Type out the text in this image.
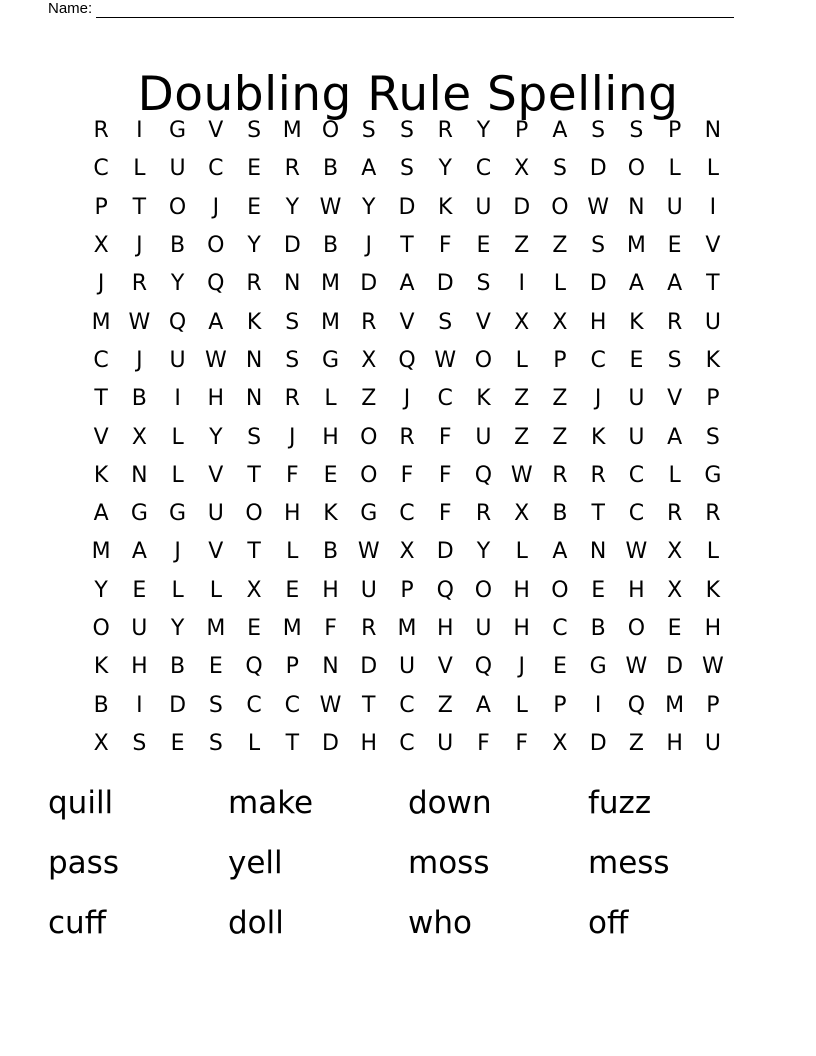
Name:
Doubling Rule Spelling
R	I	G	V	S M O	S	S	R	Y	P	A	S	S	P	N
C	L	U	C	E	R	B	A	S	Y	C	X	S	D O	L	L
P	T	O	J	E	Y W Y	D	K	U D O W N U	I
X	J	B	O	Y	D	B	J	T	F	E	Z	Z	S M E	V
J	R	Y	Q R	N M D	A	D	S	I	L	D	A	A	T
M W Q	A	K	S M R	V	S	V	X	X	H	K	R	U
C	J	U W N	S	G	X	Q W O	L	P	C	E	S	K
T	B	I	H N	R	L	Z	J	C	K	Z	Z	J	U	V	P
V	X	L	Y	S	J	H O R	F	U	Z	Z	K	U	A	S
K	N	L	V	T	F	E	O	F	F	Q W R	R	C	L	G
A	G G U O H	K	G	C	F	R	X	B	T	C	R	R
M A	J	V	T	L	B W X	D	Y	L	A	N W X	L
Y	E	L	L	X	E	H U	P	Q O H O	E	H	X	K
O U	Y	M E M	F	R M H U H	C	B	O	E	H
K	H	B	E	Q	P	N D U	V	Q	J	E	G W D W
B	I	D	S	C	C W T	C	Z	A	L	P	I	Q M	P
X	S	E	S	L	T	D H	C	U	F	F	X	D	Z	H U
quill	make	down	fuzz
pass	yell	moss	mess
cuff	doll	who	off
